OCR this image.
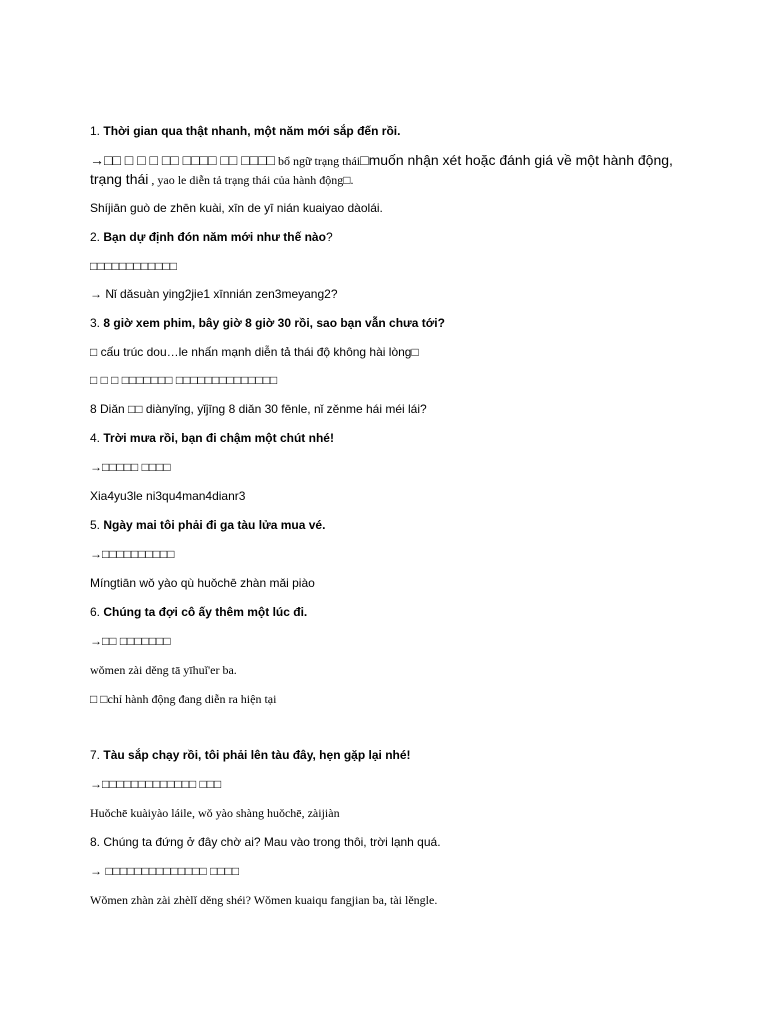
1. Thời gian qua thật nhanh, một năm mới sắp đến rồi.
→□□ □ □ □ □□ □□□□ □□ □□□□ bổ ngữ trạng thái□muốn nhận xét hoặc đánh giá về một hành động, trạng thái , yao le diễn tả trạng thái của hành động□.
Shíjiān guò de zhēn kuài, xīn de yī nián kuaiyao dàolái.
2. Bạn dự định đón năm mới như thế nào?
□□□□□□□□□□□□
→ Nǐ dǎsuàn ying2jie1 xīnnián zen3meyang2?
3. 8 giờ xem phim, bây giờ 8 giờ 30 rồi, sao bạn vẫn chưa tới?
□ cấu trúc dou…le nhấn mạnh diễn tả thái độ không hài lòng□
□ □ □ □□□□□□□ □□□□□□□□□□□□□□
8 Diǎn □□ diànyǐng, yǐjīng 8 diǎn 30 fēnle, nǐ zěnme hái méi lái?
4. Trời mưa rồi, bạn đi chậm một chút nhé!
→□□□□□ □□□□
Xia4yu3le ni3qu4man4dianr3
5. Ngày mai tôi phải đi ga tàu lửa mua vé.
→□□□□□□□□□□
Míngtiān wǒ yào qù huǒchē zhàn mǎi piào
6. Chúng ta đợi cô ấy thêm một lúc đi.
→□□ □□□□□□□
wǒmen zài děng tā yīhuǐ'er ba.
□ □chỉ hành động đang diễn ra hiện tại
7. Tàu sắp chạy rồi, tôi phải lên tàu đây, hẹn gặp lại nhé!
→□□□□□□□□□□□□□ □□□
Huǒchē kuàiyào láile, wǒ yào shàng huǒchē, zàijiàn
8. Chúng ta đứng ở đây chờ ai? Mau vào trong thôi, trời lạnh quá.
→ □□□□□□□□□□□□□□ □□□□
Wǒmen zhàn zài zhèlǐ děng shéi? Wǒmen kuaiqu fangjian ba, tài lěngle.
